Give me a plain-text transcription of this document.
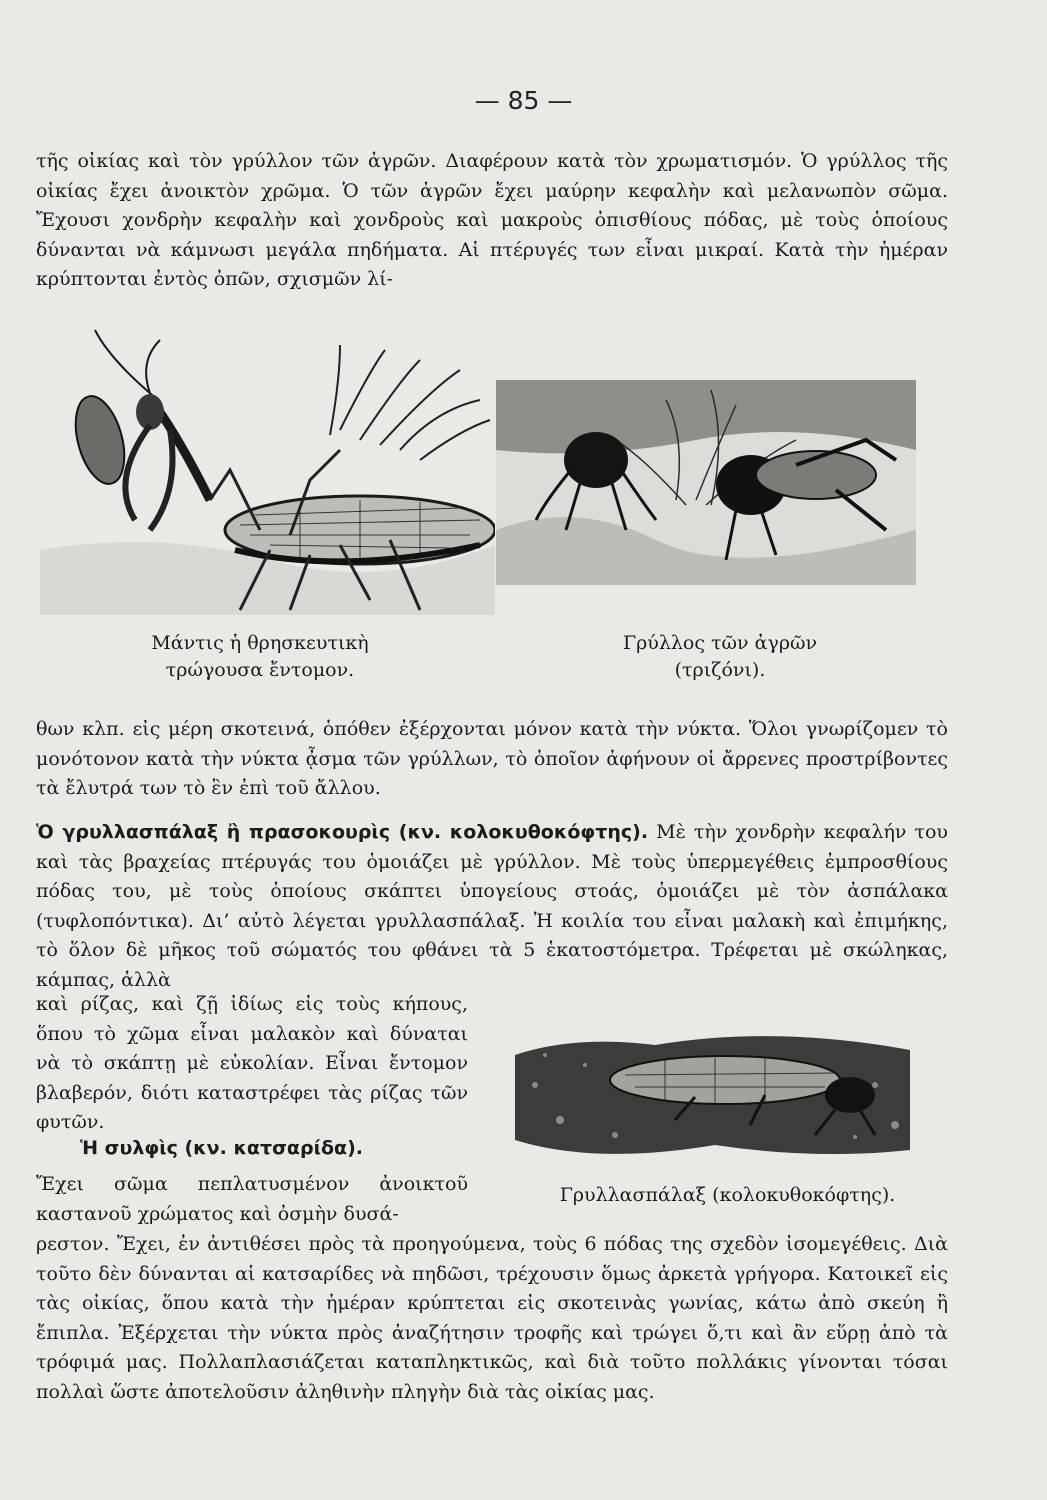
— 85 —

τῆς οἰκίας καὶ τὸν γρύλλον τῶν ἀγρῶν. Διαφέρουν κατὰ τὸν χρωματισμόν. Ὁ γρύλλος τῆς οἰκίας ἔχει ἀνοικτὸν χρῶμα. Ὁ τῶν ἀγρῶν ἔχει μαύρην κεφαλὴν καὶ μελανωπὸν σῶμα. Ἔχουσι χονδρὴν κεφαλὴν καὶ χονδροὺς καὶ μακροὺς ὀπισθίους πόδας, μὲ τοὺς ὁποίους δύνανται νὰ κάμνωσι μεγάλα πηδήματα. Αἱ πτέρυγές των εἶναι μικραί. Κατὰ τὴν ἡμέραν κρύπτονται ἐντὸς ὀπῶν, σχισμῶν λί-

Μάντις ἡ θρησκευτικὴ
τρώγουσα ἔντομον.
Γρύλλος τῶν ἀγρῶν
(τριζόνι).

θων κλπ. εἰς μέρη σκοτεινά, ὁπόθεν ἐξέρχονται μόνον κατὰ τὴν νύκτα. Ὅλοι γνωρίζομεν τὸ μονότονον κατὰ τὴν νύκτα ᾆσμα τῶν γρύλλων, τὸ ὁποῖον ἀφήνουν οἱ ἄρρενες προστρίβοντες τὰ ἔλυτρά των τὸ ἓν ἐπὶ τοῦ ἄλλου.

Ὁ γρυλλασπάλαξ ἢ πρασοκουρὶς (κν. κολοκυθοκόφτης). Μὲ τὴν χονδρὴν κεφαλήν του καὶ τὰς βραχείας πτέρυγάς του ὁμοιάζει μὲ γρύλλον. Μὲ τοὺς ὑπερμεγέθεις ἐμπροσθίους πόδας του, μὲ τοὺς ὁποίους σκάπτει ὑπογείους στοάς, ὁμοιάζει μὲ τὸν ἀσπάλακα (τυφλοπόντικα). Δι’ αὐτὸ λέγεται γρυλλασπάλαξ. Ἡ κοιλία του εἶναι μαλακὴ καὶ ἐπιμήκης, τὸ ὅλον δὲ μῆκος τοῦ σώματός του φθάνει τὰ 5 ἑκατοστόμετρα. Τρέφεται μὲ σκώληκας, κάμπας, ἀλλὰ

καὶ ρίζας, καὶ ζῇ ἰδίως εἰς τοὺς κήπους, ὅπου τὸ χῶμα εἶναι μαλακὸν καὶ δύναται νὰ τὸ σκάπτῃ μὲ εὐκολίαν. Εἶναι ἔντομον βλαβερόν, διότι καταστρέφει τὰς ρίζας τῶν φυτῶν.

Ἡ συλφὶς (κν. κατσαρίδα).

Ἔχει σῶμα πεπλατυσμένον ἀνοικτοῦ καστανοῦ χρώματος καὶ ὀσμὴν δυσά-

Γρυλλασπάλαξ (κολοκυθοκόφτης).

ρεστον. Ἔχει, ἐν ἀντιθέσει πρὸς τὰ προηγούμενα, τοὺς 6 πόδας της σχεδὸν ἰσομεγέθεις. Διὰ τοῦτο δὲν δύνανται αἱ κατσαρίδες νὰ πηδῶσι, τρέχουσιν ὅμως ἀρκετὰ γρήγορα. Κατοικεῖ εἰς τὰς οἰκίας, ὅπου κατὰ τὴν ἡμέραν κρύπτεται εἰς σκοτεινὰς γωνίας, κάτω ἀπὸ σκεύη ἢ ἔπιπλα. Ἐξέρχεται τὴν νύκτα πρὸς ἀναζήτησιν τροφῆς καὶ τρώγει ὅ,τι καὶ ἂν εὕρῃ ἀπὸ τὰ τρόφιμά μας. Πολλαπλασιάζεται καταπληκτικῶς, καὶ διὰ τοῦτο πολλάκις γίνονται τόσαι πολλαὶ ὥστε ἀποτελοῦσιν ἀληθινὴν πληγὴν διὰ τὰς οἰκίας μας.
